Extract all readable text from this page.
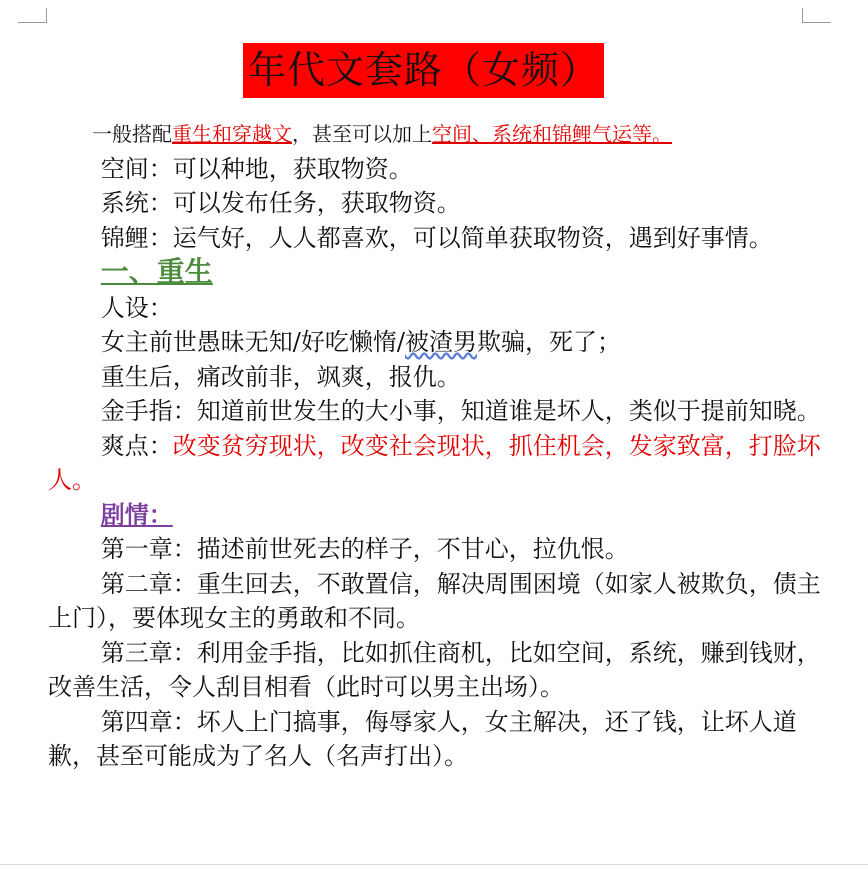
年代文套路（女频）

一般搭配重生和穿越文，甚至可以加上空间、系统和锦鲤气运等。

空间：可以种地，获取物资。

系统：可以发布任务，获取物资。

锦鲤：运气好，人人都喜欢，可以简单获取物资，遇到好事情。

一、重生

人设：

女主前世愚昧无知/好吃懒惰/被渣男欺骗，死了；

重生后，痛改前非，飒爽，报仇。

金手指：知道前世发生的大小事，知道谁是坏人，类似于提前知晓。

爽点：改变贫穷现状，改变社会现状，抓住机会，发家致富，打脸坏人。

剧情：

第一章：描述前世死去的样子，不甘心，拉仇恨。

第二章：重生回去，不敢置信，解决周围困境（如家人被欺负，债主上门），要体现女主的勇敢和不同。

第三章：利用金手指，比如抓住商机，比如空间，系统，赚到钱财，改善生活，令人刮目相看（此时可以男主出场）。

第四章：坏人上门搞事，侮辱家人，女主解决，还了钱，让坏人道歉，甚至可能成为了名人（名声打出）。
